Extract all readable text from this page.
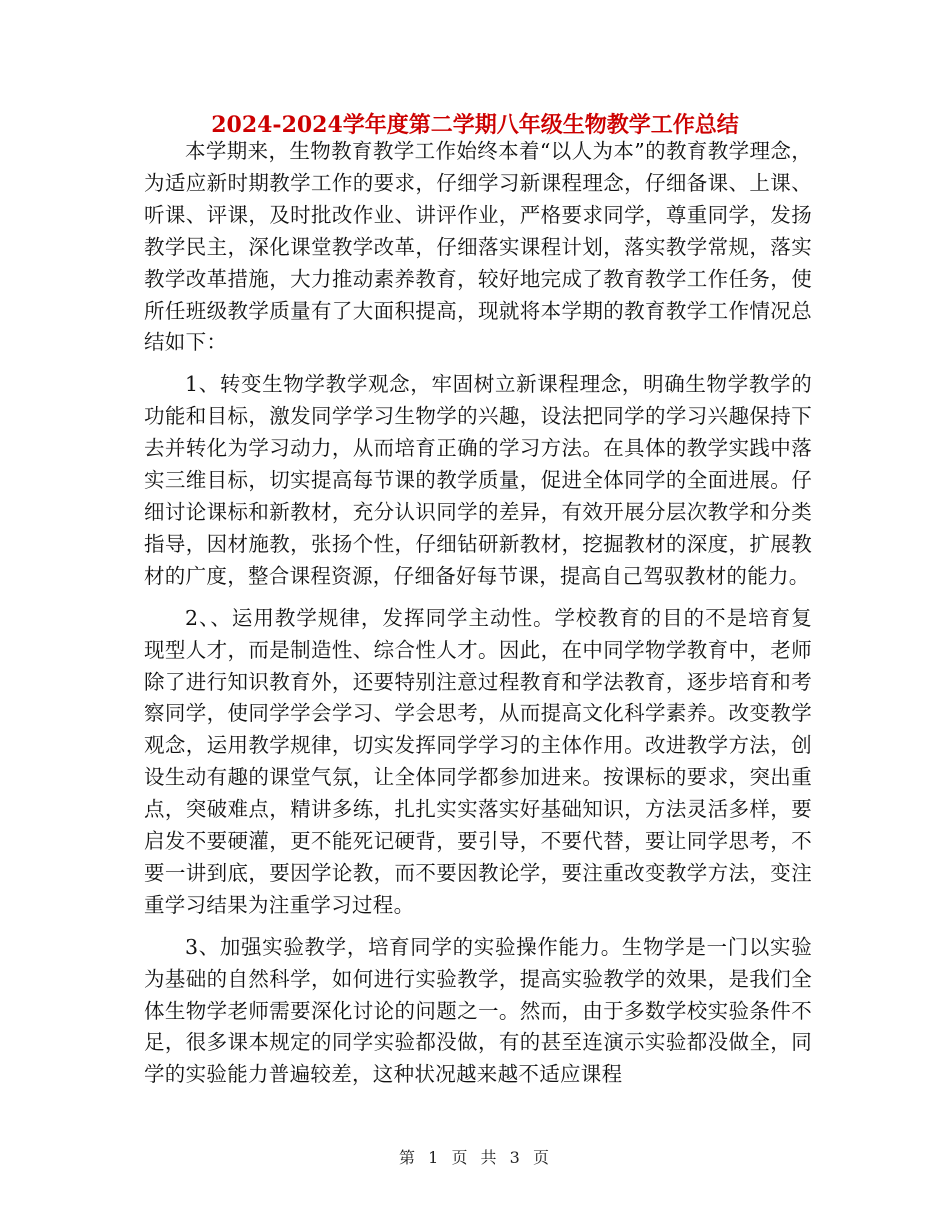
2024-2024学年度第二学期八年级生物教学工作总结

本学期来，生物教育教学工作始终本着“以人为本”的教育教学理念，为适应新时期教学工作的要求，仔细学习新课程理念，仔细备课、上课、听课、评课，及时批改作业、讲评作业，严格要求同学，尊重同学，发扬教学民主，深化课堂教学改革，仔细落实课程计划，落实教学常规，落实教学改革措施，大力推动素养教育，较好地完成了教育教学工作任务，使所任班级教学质量有了大面积提高，现就将本学期的教育教学工作情况总结如下：

1、转变生物学教学观念，牢固树立新课程理念，明确生物学教学的功能和目标，激发同学学习生物学的兴趣，设法把同学的学习兴趣保持下去并转化为学习动力，从而培育正确的学习方法。在具体的教学实践中落实三维目标，切实提高每节课的教学质量，促进全体同学的全面进展。仔细讨论课标和新教材，充分认识同学的差异，有效开展分层次教学和分类指导，因材施教，张扬个性，仔细钻研新教材，挖掘教材的深度，扩展教材的广度，整合课程资源，仔细备好每节课，提高自己驾驭教材的能力。

2、、运用教学规律，发挥同学主动性。学校教育的目的不是培育复现型人才，而是制造性、综合性人才。因此，在中同学物学教育中，老师除了进行知识教育外，还要特别注意过程教育和学法教育，逐步培育和考察同学，使同学学会学习、学会思考，从而提高文化科学素养。改变教学观念，运用教学规律，切实发挥同学学习的主体作用。改进教学方法，创设生动有趣的课堂气氛，让全体同学都参加进来。按课标的要求，突出重点，突破难点，精讲多练，扎扎实实落实好基础知识，方法灵活多样，要启发不要硬灌，更不能死记硬背，要引导，不要代替，要让同学思考，不要一讲到底，要因学论教，而不要因教论学，要注重改变教学方法，变注重学习结果为注重学习过程。

3、加强实验教学，培育同学的实验操作能力。生物学是一门以实验为基础的自然科学，如何进行实验教学，提高实验教学的效果，是我们全体生物学老师需要深化讨论的问题之一。然而，由于多数学校实验条件不足，很多课本规定的同学实验都没做，有的甚至连演示实验都没做全，同学的实验能力普遍较差，这种状况越来越不适应课程

第 1 页 共 3 页
